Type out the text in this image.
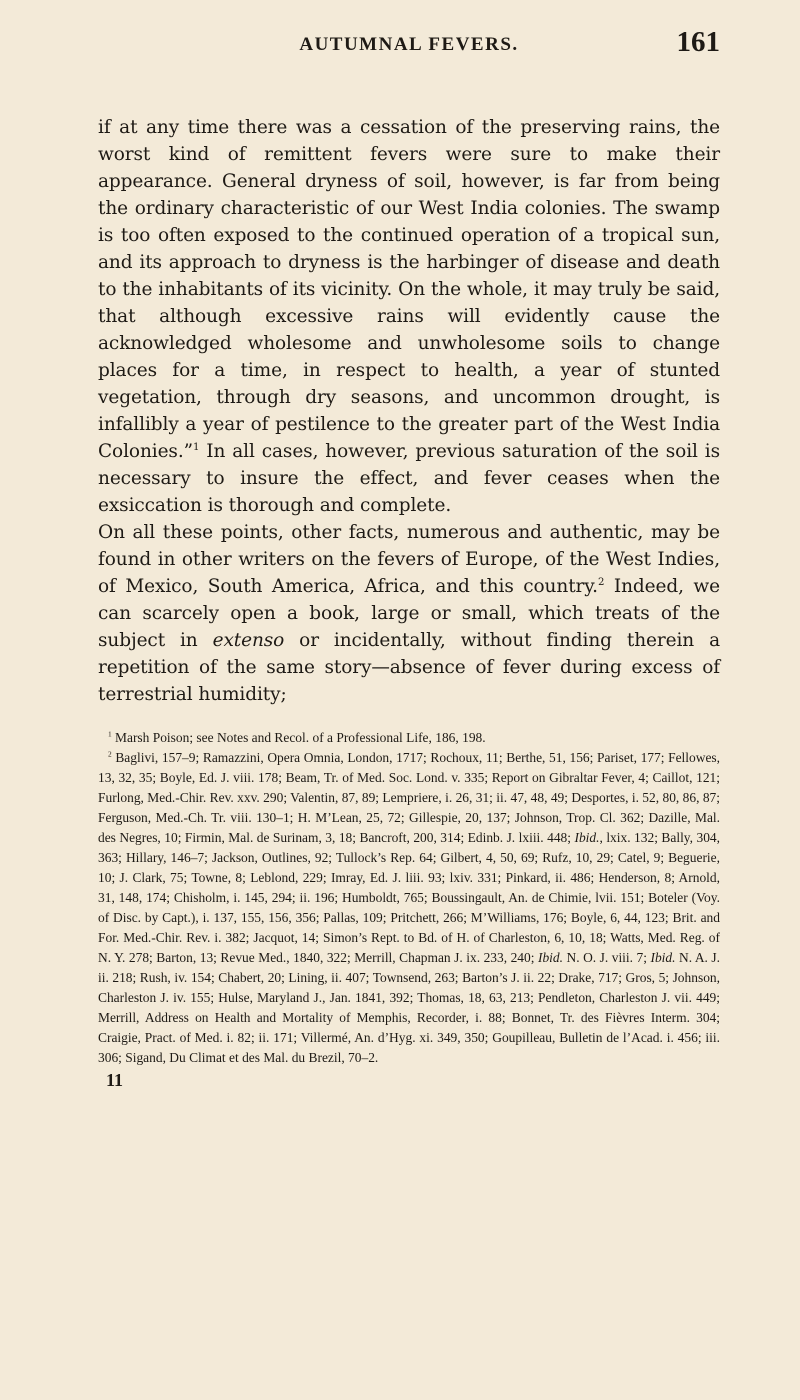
AUTUMNAL FEVERS.	161

if at any time there was a cessation of the preserving rains, the worst kind of remittent fevers were sure to make their appearance. General dryness of soil, however, is far from being the ordinary characteristic of our West India colonies. The swamp is too often exposed to the continued operation of a tropical sun, and its approach to dryness is the harbinger of disease and death to the inhabitants of its vicinity. On the whole, it may truly be said, that although excessive rains will evidently cause the acknowledged wholesome and unwholesome soils to change places for a time, in respect to health, a year of stunted vegetation, through dry seasons, and uncommon drought, is infallibly a year of pestilence to the greater part of the West India Colonies.”$^1$ In all cases, however, previous saturation of the soil is necessary to insure the effect, and fever ceases when the exsiccation is thorough and complete.

On all these points, other facts, numerous and authentic, may be found in other writers on the fevers of Europe, of the West Indies, of Mexico, South America, Africa, and this country.$^2$ Indeed, we can scarcely open a book, large or small, which treats of the subject in extenso or incidentally, without finding therein a repetition of the same story—absence of fever during excess of terrestrial humidity;

$^1$ Marsh Poison; see Notes and Recol. of a Professional Life, 186, 198.

$^2$ Baglivi, 157–9; Ramazzini, Opera Omnia, London, 1717; Rochoux, 11; Berthe, 51, 156; Pariset, 177; Fellowes, 13, 32, 35; Boyle, Ed. J. viii. 178; Beam, Tr. of Med. Soc. Lond. v. 335; Report on Gibraltar Fever, 4; Caillot, 121; Furlong, Med.-Chir. Rev. xxv. 290; Valentin, 87, 89; Lempriere, i. 26, 31; ii. 47, 48, 49; Desportes, i. 52, 80, 86, 87; Ferguson, Med.-Ch. Tr. viii. 130–1; H. M’Lean, 25, 72; Gillespie, 20, 137; Johnson, Trop. Cl. 362; Dazille, Mal. des Negres, 10; Firmin, Mal. de Surinam, 3, 18; Bancroft, 200, 314; Edinb. J. lxiii. 448; Ibid., lxix. 132; Bally, 304, 363; Hillary, 146–7; Jackson, Outlines, 92; Tullock’s Rep. 64; Gilbert, 4, 50, 69; Rufz, 10, 29; Catel, 9; Beguerie, 10; J. Clark, 75; Towne, 8; Leblond, 229; Imray, Ed. J. liii. 93; lxiv. 331; Pinkard, ii. 486; Henderson, 8; Arnold, 31, 148, 174; Chisholm, i. 145, 294; ii. 196; Humboldt, 765; Boussingault, An. de Chimie, lvii. 151; Boteler (Voy. of Disc. by Capt.), i. 137, 155, 156, 356; Pallas, 109; Pritchett, 266; M’Williams, 176; Boyle, 6, 44, 123; Brit. and For. Med.-Chir. Rev. i. 382; Jacquot, 14; Simon’s Rept. to Bd. of H. of Charleston, 6, 10, 18; Watts, Med. Reg. of N. Y. 278; Barton, 13; Revue Med., 1840, 322; Merrill, Chapman J. ix. 233, 240; Ibid. N. O. J. viii. 7; Ibid. N. A. J. ii. 218; Rush, iv. 154; Chabert, 20; Lining, ii. 407; Townsend, 263; Barton’s J. ii. 22; Drake, 717; Gros, 5; Johnson, Charleston J. iv. 155; Hulse, Maryland J., Jan. 1841, 392; Thomas, 18, 63, 213; Pendleton, Charleston J. vii. 449; Merrill, Address on Health and Mortality of Memphis, Recorder, i. 88; Bonnet, Tr. des Fièvres Interm. 304; Craigie, Pract. of Med. i. 82; ii. 171; Villermé, An. d’Hyg. xi. 349, 350; Goupilleau, Bulletin de l’Acad. i. 456; iii. 306; Sigand, Du Climat et des Mal. du Brezil, 70–2.

11
